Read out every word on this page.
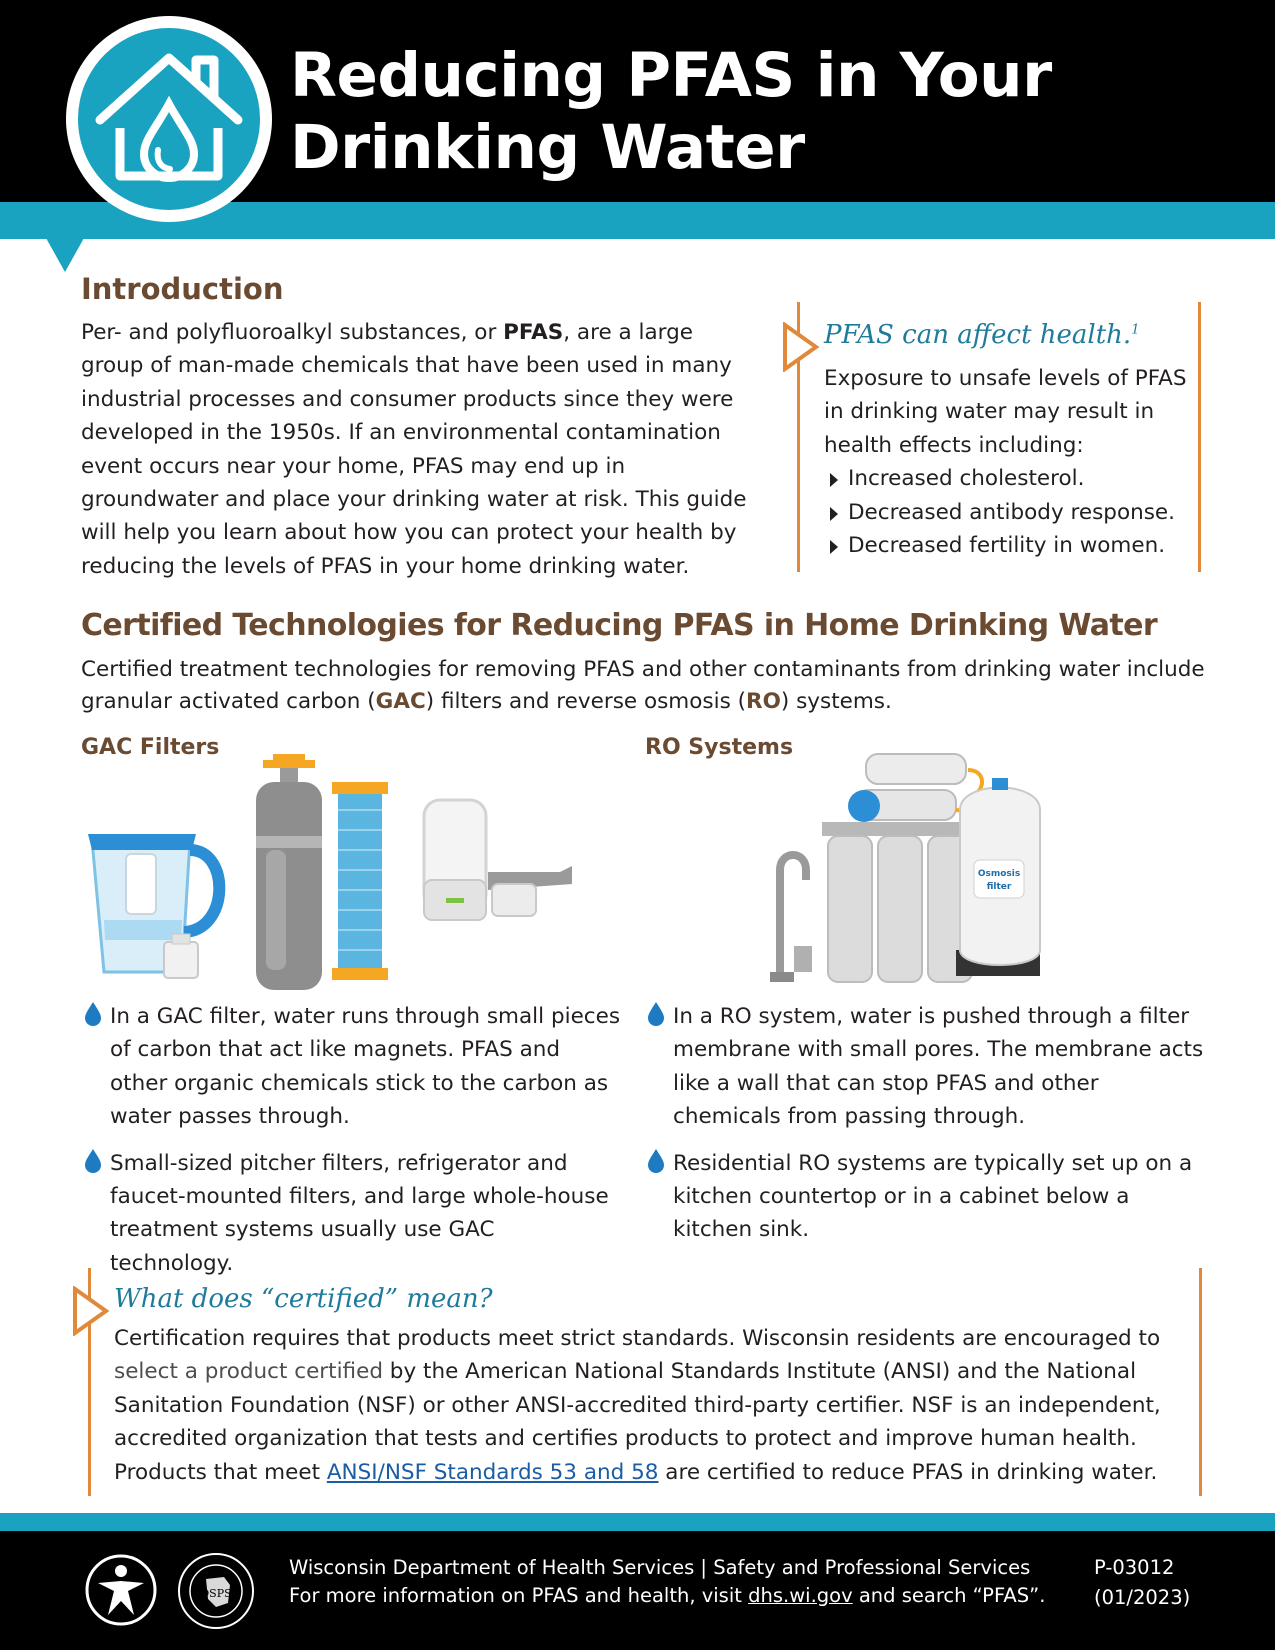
Reducing PFAS in Your
Drinking Water
Introduction
Per- and polyfluoroalkyl substances, or PFAS, are a large group of man-made chemicals that have been used in many industrial processes and consumer products since they were developed in the 1950s. If an environmental contamination event occurs near your home, PFAS may end up in groundwater and place your drinking water at risk. This guide will help you learn about how you can protect your health by reducing the levels of PFAS in your home drinking water.
PFAS can affect health.$^1$
Exposure to unsafe levels of PFAS in drinking water may result in health effects including:
Increased cholesterol.
Decreased antibody response.
Decreased fertility in women.
Certified Technologies for Reducing PFAS in Home Drinking Water
Certified treatment technologies for removing PFAS and other contaminants from drinking water include granular activated carbon (GAC) filters and reverse osmosis (RO) systems.
GAC Filters	RO Systems
Osmosis
filter
In a GAC filter, water runs through small pieces of carbon that act like magnets. PFAS and other organic chemicals stick to the carbon as water passes through.
Small-sized pitcher filters, refrigerator and faucet-mounted filters, and large whole-house treatment systems usually use GAC technology.
In a RO system, water is pushed through a filter membrane with small pores. The membrane acts like a wall that can stop PFAS and other chemicals from passing through.
Residential RO systems are typically set up on a kitchen countertop or in a cabinet below a kitchen sink.
What does “certified” mean?
Certification requires that products meet strict standards. Wisconsin residents are encouraged to select a product certified by the American National Standards Institute (ANSI) and the National Sanitation Foundation (NSF) or other ANSI-accredited third-party certifier. NSF is an independent, accredited organization that tests and certifies products to protect and improve human health. Products that meet ANSI/NSF Standards 53 and 58 are certified to reduce PFAS in drinking water.
DSPS
Wisconsin Department of Health Services | Safety and Professional Services
For more information on PFAS and health, visit dhs.wi.gov and search “PFAS”.
P-03012
(01/2023)
